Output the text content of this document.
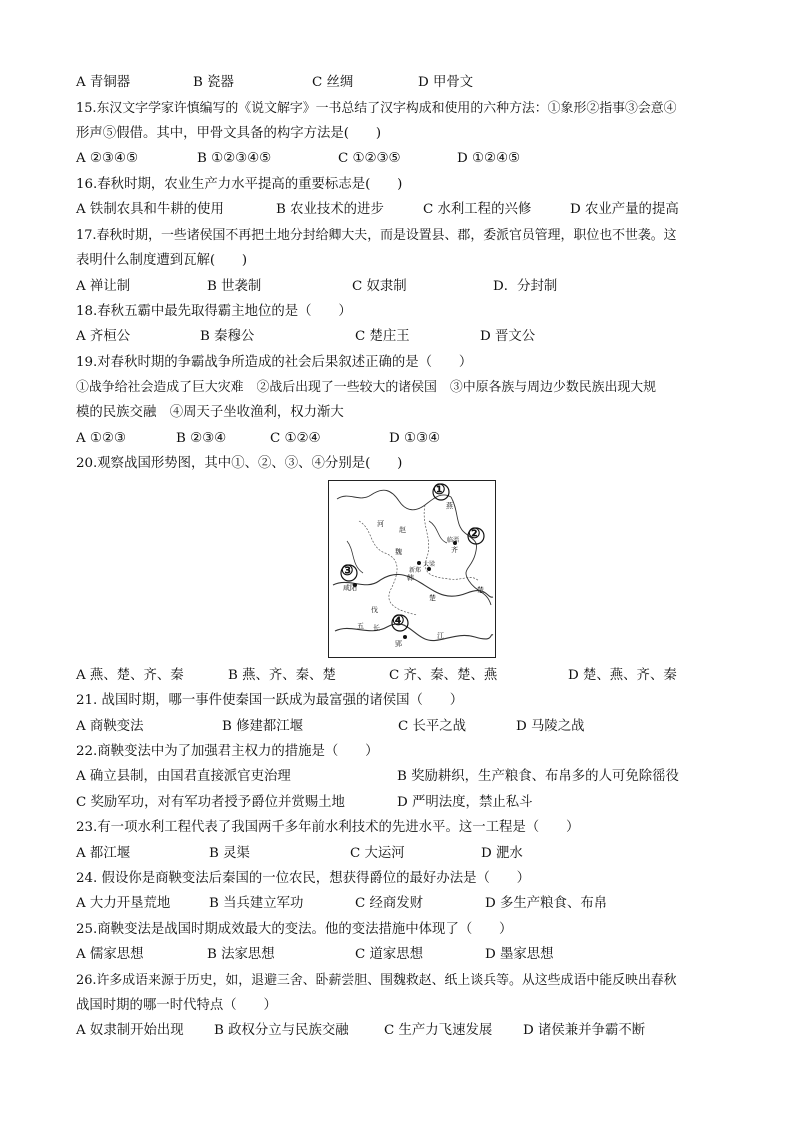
A 青铜器	B 瓷器	C 丝绸	D 甲骨文
15.东汉文字学家许慎编写的《说文解字》一书总结了汉字构成和使用的六种方法：①象形②指事③会意④
形声⑤假借。其中，甲骨文具备的构字方法是(　　)
A ②③④⑤	B ①②③④⑤	C ①②③⑤	D ①②④⑤
16.春秋时期，农业生产力水平提高的重要标志是(　　)
A 铁制农具和牛耕的使用	B 农业技术的进步	C 水利工程的兴修	D 农业产量的提高
17.春秋时期，一些诸侯国不再把土地分封给卿大夫，而是设置县、郡，委派官员管理，职位也不世袭。这
表明什么制度遭到瓦解(　　)
A 禅让制	B 世袭制	C 奴隶制	D．分封制
18.春秋五霸中最先取得霸主地位的是（　　）
A 齐桓公	B 秦穆公	C 楚庄王	D 晋文公
19.对春秋时期的争霸战争所造成的社会后果叙述正确的是（　　）
①战争给社会造成了巨大灾难　②战后出现了一些较大的诸侯国　③中原各族与周边少数民族出现大规
模的民族交融　④周天子坐收渔利，权力渐大
A ①②③	B ②③④	C ①②④	D ①③④
20.观察战国形势图，其中①、②、③、④分别是(　　)
①
②
③
④
燕
齐
咸阳	楚
河
赵
魏
韩
长
江
五
伐
临淄
大梁
新郑
楚
郢
A 燕、楚、齐、秦	B 燕、齐、秦、楚	C 齐、秦、楚、燕	D 楚、燕、齐、秦
21. 战国时期，哪一事件使秦国一跃成为最富强的诸侯国（　　）
A 商鞅变法	B 修建都江堰	C 长平之战	D 马陵之战
22.商鞅变法中为了加强君主权力的措施是（　　）
A 确立县制，由国君直接派官吏治理	B 奖励耕织，生产粮食、布帛多的人可免除徭役
C 奖励军功，对有军功者授予爵位并赏赐土地	D 严明法度，禁止私斗
23.有一项水利工程代表了我国两千多年前水利技术的先进水平。这一工程是（　　）
A 都江堰	B 灵渠	C 大运河	D 淝水
24. 假设你是商鞅变法后秦国的一位农民，想获得爵位的最好办法是（　　）
A 大力开垦荒地	B 当兵建立军功	C 经商发财	D 多生产粮食、布帛
25.商鞅变法是战国时期成效最大的变法。他的变法措施中体现了（　　）
A 儒家思想	B 法家思想	C 道家思想	D 墨家思想
26.许多成语来源于历史，如，退避三舍、卧薪尝胆、围魏救赵、纸上谈兵等。从这些成语中能反映出春秋
战国时期的哪一时代特点（　　）
A 奴隶制开始出现 B 政权分立与民族交融	C 生产力飞速发展 D 诸侯兼并争霸不断
